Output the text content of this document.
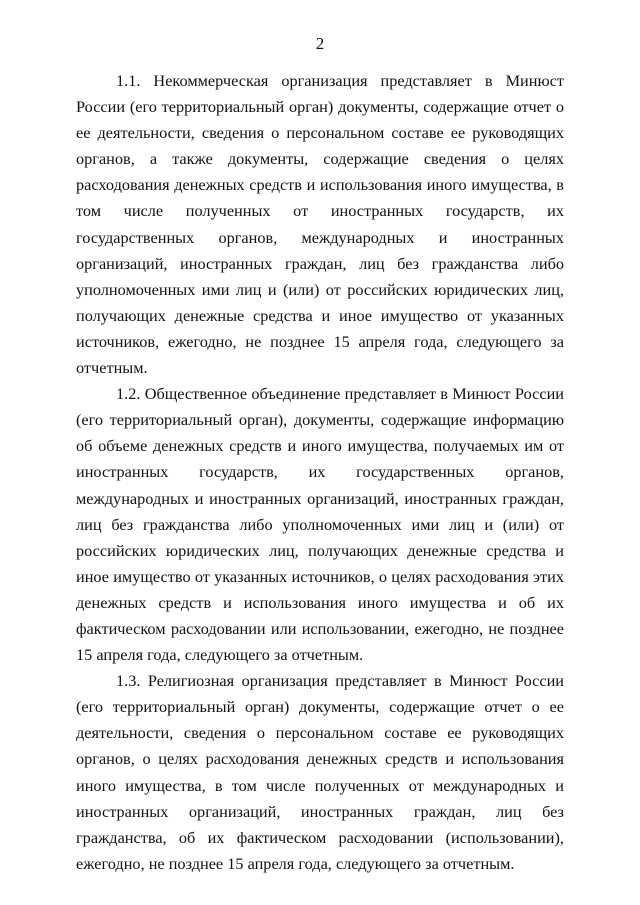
2

1.1. Некоммерческая организация представляет в Минюст России (его территориальный орган) документы, содержащие отчет о ее деятельности, сведения о персональном составе ее руководящих органов, а также документы, содержащие сведения о целях расходования денежных средств и использования иного имущества, в том числе полученных от иностранных государств, их государственных органов, международных и иностранных организаций, иностранных граждан, лиц без гражданства либо уполномоченных ими лиц и (или) от российских юридических лиц, получающих денежные средства и иное имущество от указанных источников, ежегодно, не позднее 15 апреля года, следующего за отчетным.

1.2. Общественное объединение представляет в Минюст России (его территориальный орган), документы, содержащие информацию об объеме денежных средств и иного имущества, получаемых им от иностранных государств, их государственных органов, международных и иностранных организаций, иностранных граждан, лиц без гражданства либо уполномоченных ими лиц и (или) от российских юридических лиц, получающих денежные средства и иное имущество от указанных источников, о целях расходования этих денежных средств и использования иного имущества и об их фактическом расходовании или использовании, ежегодно, не позднее 15 апреля года, следующего за отчетным.

1.3. Религиозная организация представляет в Минюст России (его территориальный орган) документы, содержащие отчет о ее деятельности, сведения о персональном составе ее руководящих органов, о целях расходования денежных средств и использования иного имущества, в том числе полученных от международных и иностранных организаций, иностранных граждан, лиц без гражданства, об их фактическом расходовании (использовании), ежегодно, не позднее 15 апреля года, следующего за отчетным.
